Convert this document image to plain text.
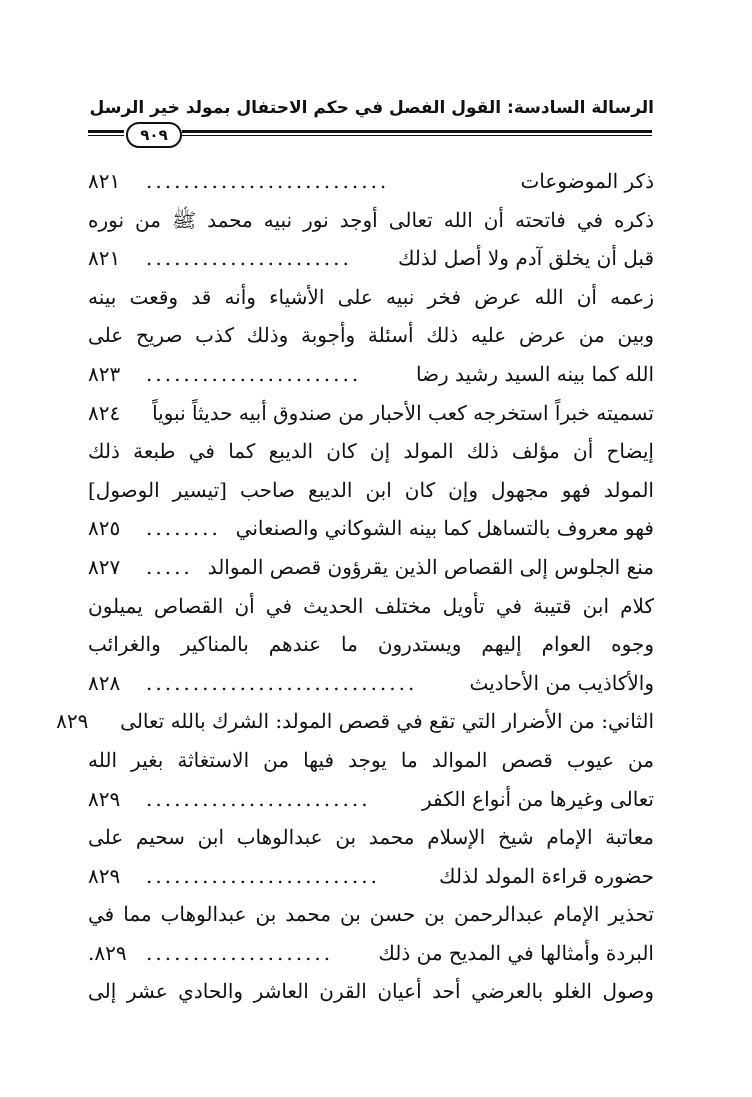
الرسالة السادسة: القول الفصل في حكم الاحتفال بمولد خير الرسل
٩٠٩
ذكر الموضوعات
..........................
٨٢١
ذكره في فاتحته أن الله تعالى أوجد نور نبيه محمد ﷺ من نوره
قبل أن يخلق آدم ولا أصل لذلك
......................
٨٢١
زعمه أن الله عرض فخر نبيه على الأشياء وأنه قد وقعت بينه
وبين من عرض عليه ذلك أسئلة وأجوبة وذلك كذب صريح على
الله كما بينه السيد رشيد رضا
.......................
٨٢٣
تسميته خبراً استخرجه كعب الأحبار من صندوق أبيه حديثاً نبوياً
٨٢٤
إيضاح أن مؤلف ذلك المولد إن كان الديبع كما في طبعة ذلك
المولد فهو مجهول وإن كان ابن الديبع صاحب [تيسير الوصول]
فهو معروف بالتساهل كما بينه الشوكاني والصنعاني
........
٨٢٥
منع الجلوس إلى القصاص الذين يقرؤون قصص الموالد
.....
٨٢٧
كلام ابن قتيبة في تأويل مختلف الحديث في أن القصاص يميلون
وجوه العوام إليهم ويستدرون ما عندهم بالمناكير والغرائب
والأكاذيب من الأحاديث
.............................
٨٢٨
الثاني: من الأضرار التي تقع في قصص المولد: الشرك بالله تعالى
٨٢٩
من عيوب قصص الموالد ما يوجد فيها من الاستغاثة بغير الله
تعالى وغيرها من أنواع الكفر
........................
٨٢٩
معاتبة الإمام شيخ الإسلام محمد بن عبدالوهاب ابن سحيم على
حضوره قراءة المولد لذلك
.........................
٨٢٩
تحذير الإمام عبدالرحمن بن حسن بن محمد بن عبدالوهاب مما في
البردة وأمثالها في المديح من ذلك
....................
٨٢٩.
وصول الغلو بالعرضي أحد أعيان القرن العاشر والحادي عشر إلى
